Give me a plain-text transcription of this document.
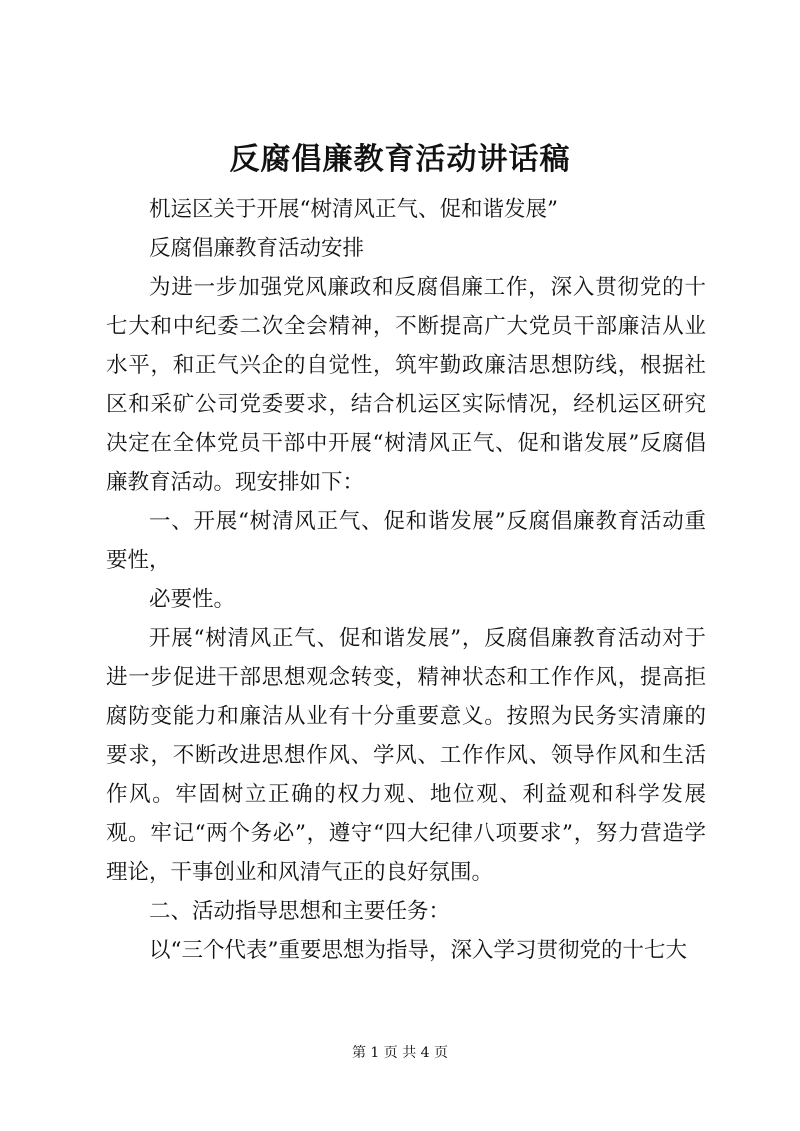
反腐倡廉教育活动讲话稿

机运区关于开展“树清风正气、促和谐发展”

反腐倡廉教育活动安排

为进一步加强党风廉政和反腐倡廉工作，深入贯彻党的十七大和中纪委二次全会精神，不断提高广大党员干部廉洁从业水平，和正气兴企的自觉性，筑牢勤政廉洁思想防线，根据社区和采矿公司党委要求，结合机运区实际情况，经机运区研究决定在全体党员干部中开展“树清风正气、促和谐发展”反腐倡廉教育活动。现安排如下：

一、开展“树清风正气、促和谐发展”反腐倡廉教育活动重要性，

必要性。

开展“树清风正气、促和谐发展”，反腐倡廉教育活动对于进一步促进干部思想观念转变，精神状态和工作作风，提高拒腐防变能力和廉洁从业有十分重要意义。按照为民务实清廉的要求，不断改进思想作风、学风、工作作风、领导作风和生活作风。牢固树立正确的权力观、地位观、利益观和科学发展观。牢记“两个务必”，遵守“四大纪律八项要求”，努力营造学理论，干事创业和风清气正的良好氛围。

二、活动指导思想和主要任务：

以“三个代表”重要思想为指导，深入学习贯彻党的十七大

第 1 页 共 4 页
